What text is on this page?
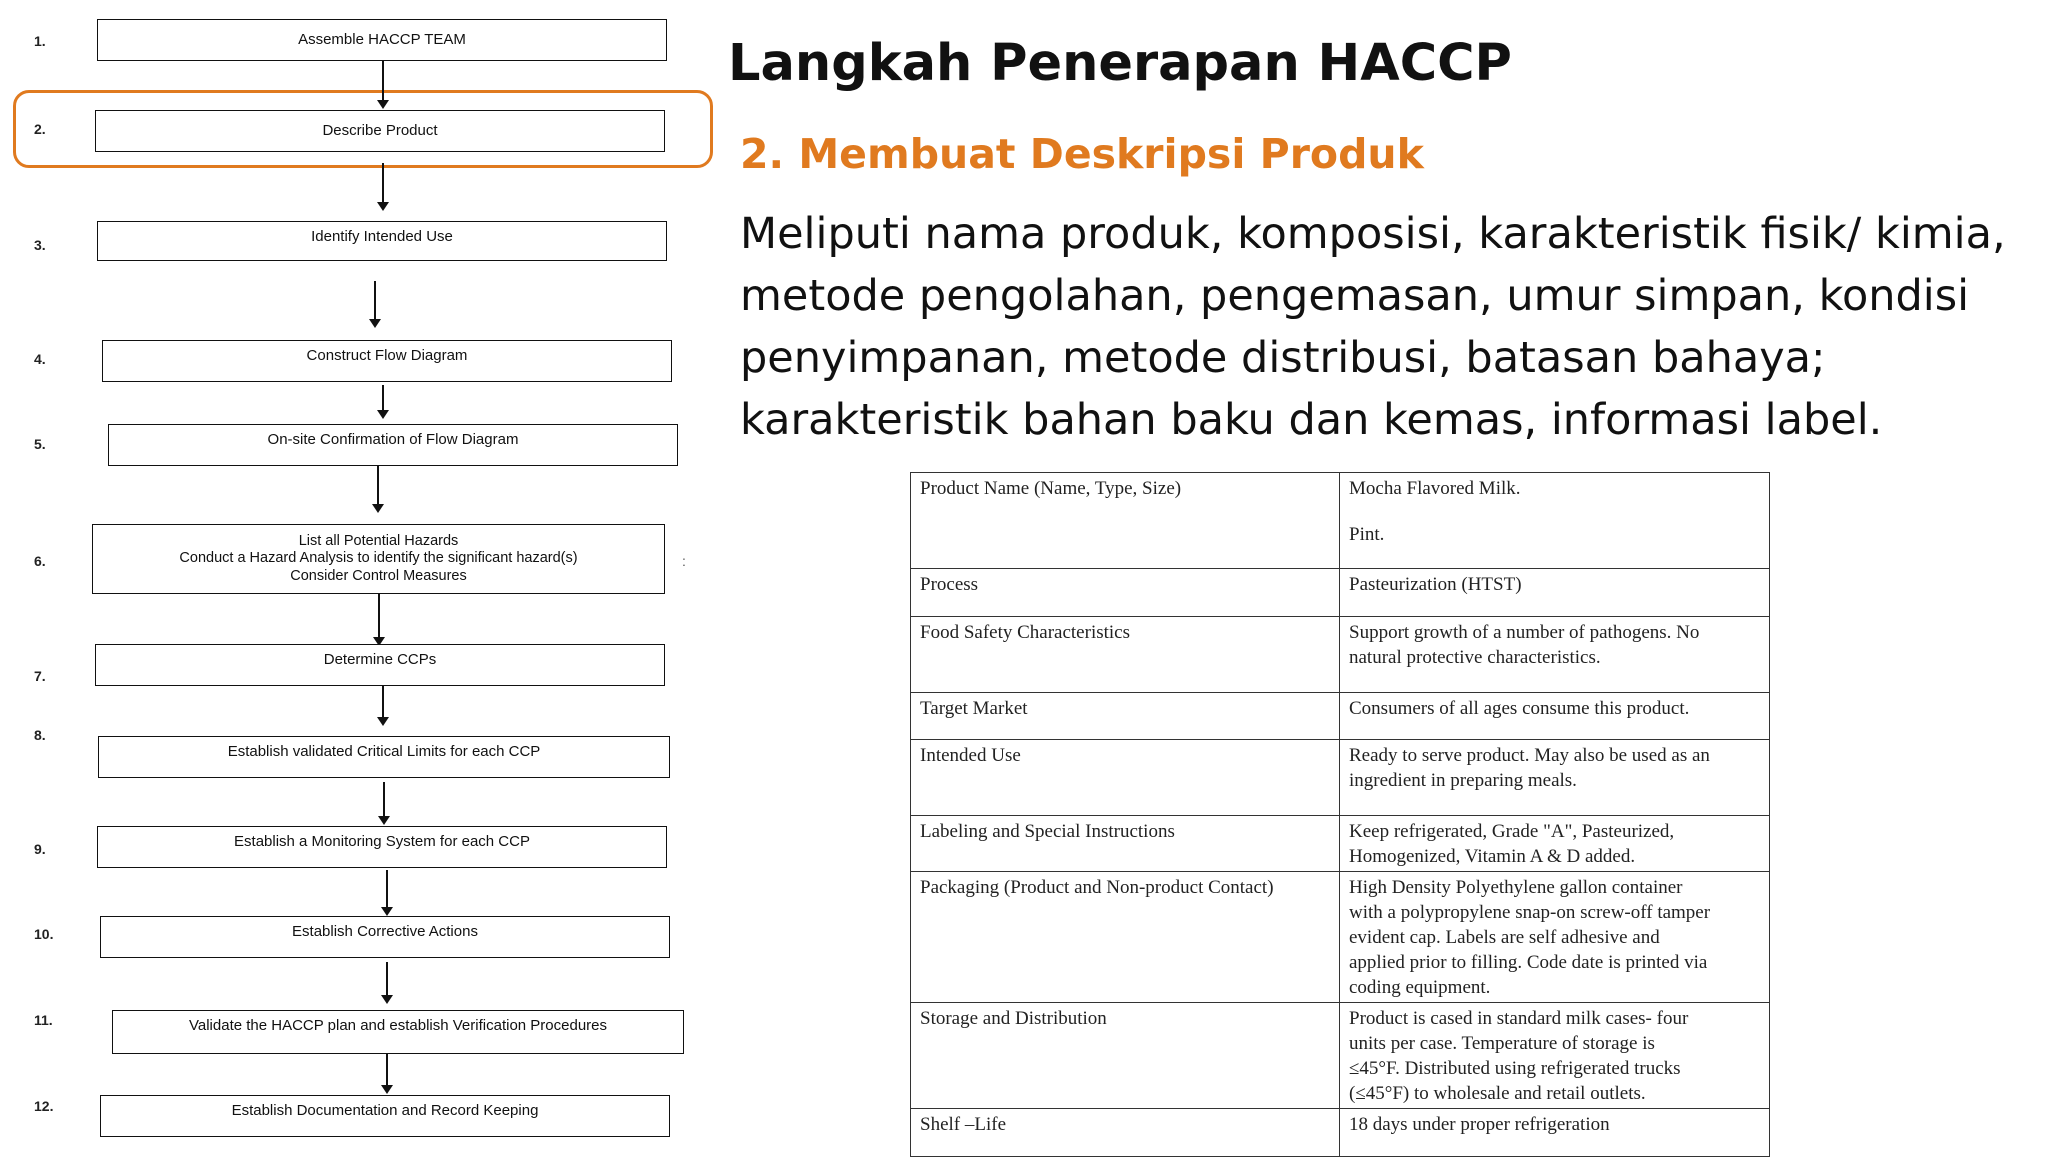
1.	Assemble HACCP TEAM
2.	Describe Product
3.	Identify Intended Use
4.	Construct Flow Diagram
5.	On-site Confirmation of Flow Diagram
6.
List all Potential Hazards
Conduct a Hazard Analysis to identify the significant hazard(s)
Consider Control Measures
:
7.
Determine CCPs
8.
Establish validated Critical Limits for each CCP
9.	Establish a Monitoring System for each CCP
10.	Establish Corrective Actions
11.	Validate the HACCP plan and establish Verification Procedures
12.	Establish Documentation and Record Keeping
Langkah Penerapan HACCP
2. Membuat Deskripsi Produk
Meliputi nama produk, komposisi, karakteristik fisik/ kimia,
metode pengolahan, pengemasan, umur simpan, kondisi
penyimpanan, metode distribusi, batasan bahaya;
karakteristik bahan baku dan kemas, informasi label.
Product Name (Name, Type, Size)	Mocha Flavored Milk.
Pint.

Process	Pasteurization (HTST)

Food Safety Characteristics	Support growth of a number of pathogens. No
natural protective characteristics.

Target Market	Consumers of all ages consume this product.

Intended Use	Ready to serve product. May also be used as an
ingredient in preparing meals.

Labeling and Special Instructions	Keep refrigerated, Grade "A", Pasteurized,
Homogenized, Vitamin A & D added.

Packaging (Product and Non-product Contact)	High Density Polyethylene gallon container
with a polypropylene snap-on screw-off tamper
evident cap. Labels are self adhesive and
applied prior to filling. Code date is printed via
coding equipment.

Storage and Distribution	Product is cased in standard milk cases- four
units per case. Temperature of storage is
≤45°F. Distributed using refrigerated trucks
(≤45°F) to wholesale and retail outlets.

Shelf –Life	18 days under proper refrigeration
